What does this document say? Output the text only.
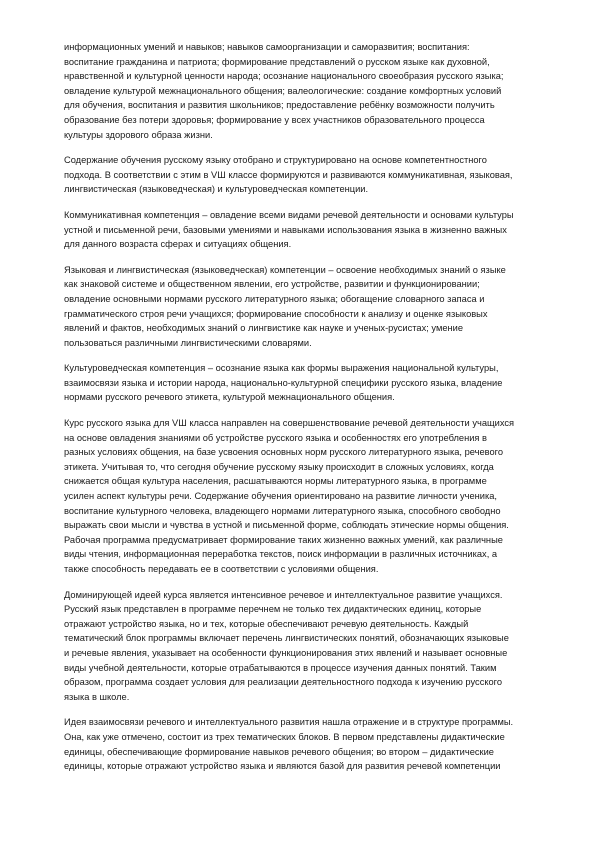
информационных умений и навыков; навыков самоорганизации и саморазвития; воспитания:
воспитание гражданина и патриота; формирование представлений о русском языке как духовной,
нравственной и культурной ценности народа; осознание национального своеобразия русского языка;
овладение культурой межнационального общения; валеологические: создание комфортных условий
для обучения, воспитания и развития школьников; предоставление ребёнку возможности получить
образование без потери здоровья; формирование у всех участников образовательного процесса
культуры здорового образа жизни.
Содержание обучения русскому языку отобрано и структурировано на основе компетентностного
подхода. В соответствии с этим в VШ классе формируются и развиваются коммуникативная, языковая,
лингвистическая (языковедческая) и культуроведческая компетенции.
Коммуникативная компетенция – овладение всеми видами речевой деятельности и основами культуры
устной и письменной речи, базовыми умениями и навыками использования языка в жизненно важных
для данного возраста сферах и ситуациях общения.
Языковая и лингвистическая (языковедческая) компетенции – освоение необходимых знаний о языке
как знаковой системе и общественном явлении, его устройстве, развитии и функционировании;
овладение основными нормами русского литературного языка; обогащение словарного запаса и
грамматического строя речи учащихся; формирование способности к анализу и оценке языковых
явлений и фактов, необходимых знаний о лингвистике как науке и ученых-русистах; умение
пользоваться различными лингвистическими словарями.
Культуроведческая компетенция – осознание языка как формы выражения национальной культуры,
взаимосвязи языка и истории народа, национально-культурной специфики русского языка, владение
нормами русского речевого этикета, культурой межнационального общения.
Курс русского языка для VШ класса направлен на совершенствование речевой деятельности учащихся
на основе овладения знаниями об устройстве русского языка и особенностях его употребления в
разных условиях общения, на базе усвоения основных норм русского литературного языка, речевого
этикета. Учитывая то, что сегодня обучение русскому языку происходит в сложных условиях, когда
снижается общая культура населения, расшатываются нормы литературного языка, в программе
усилен аспект культуры речи. Содержание обучения ориентировано на развитие личности ученика,
воспитание культурного человека, владеющего нормами литературного языка, способного свободно
выражать свои мысли и чувства в устной и письменной форме, соблюдать этические нормы общения.
Рабочая программа предусматривает формирование таких жизненно важных умений, как различные
виды чтения, информационная переработка текстов, поиск информации в различных источниках, а
также способность передавать ее в соответствии с условиями общения.
Доминирующей идеей курса является интенсивное речевое и интеллектуальное развитие учащихся.
Русский язык представлен в программе перечнем не только тех дидактических единиц, которые
отражают устройство языка, но и тех, которые обеспечивают речевую деятельность. Каждый
тематический блок программы включает перечень лингвистических понятий, обозначающих языковые
и речевые явления, указывает на особенности функционирования этих явлений и называет основные
виды учебной деятельности, которые отрабатываются в процессе изучения данных понятий. Таким
образом, программа создает условия для реализации деятельностного подхода к изучению русского
языка в школе.
Идея взаимосвязи речевого и интеллектуального развития нашла отражение и в структуре программы.
Она, как уже отмечено, состоит из трех тематических блоков. В первом представлены дидактические
единицы, обеспечивающие формирование навыков речевого общения; во втором – дидактические
единицы, которые отражают устройство языка и являются базой для развития речевой компетенции
